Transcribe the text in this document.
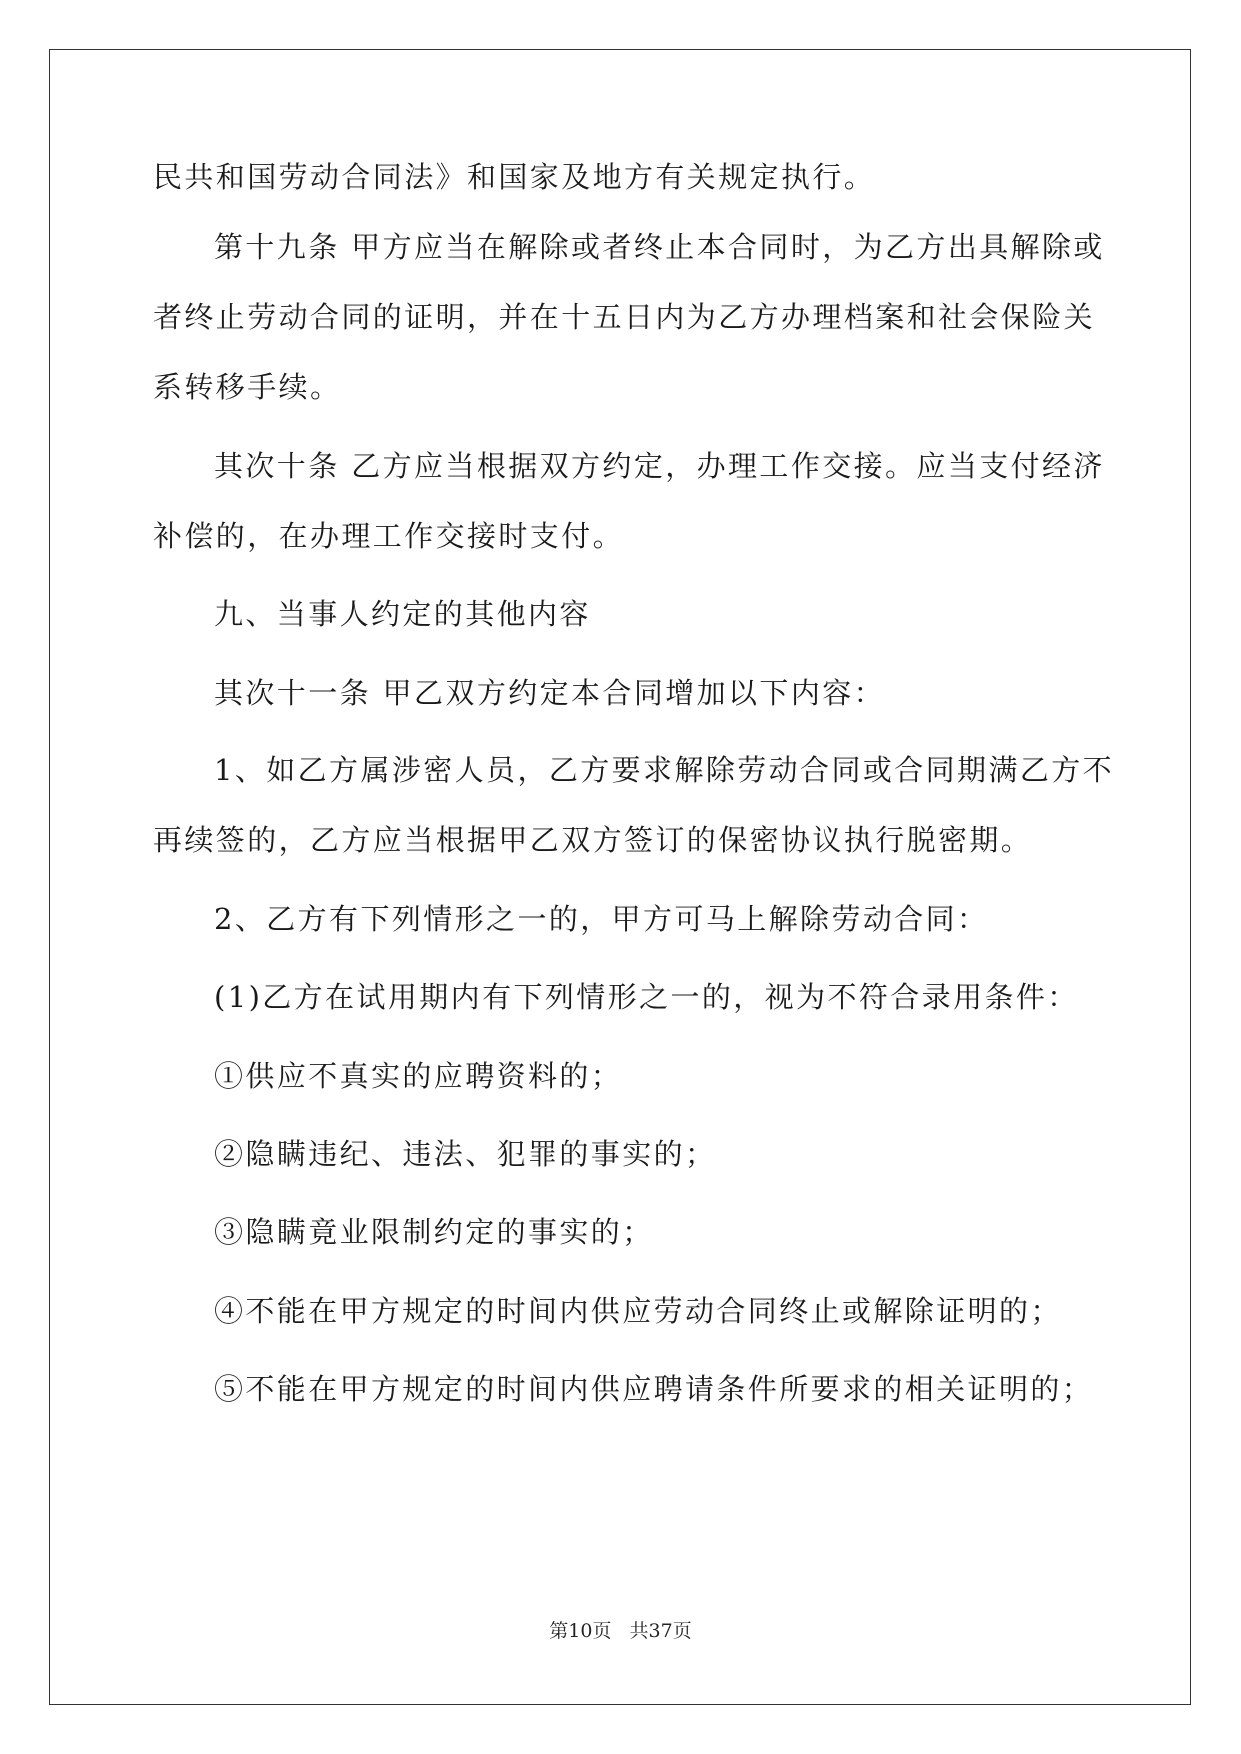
民共和国劳动合同法》和国家及地方有关规定执行。
第十九条 甲方应当在解除或者终止本合同时，为乙方出具解除或
者终止劳动合同的证明，并在十五日内为乙方办理档案和社会保险关
系转移手续。
其次十条 乙方应当根据双方约定，办理工作交接。应当支付经济
补偿的，在办理工作交接时支付。
九、当事人约定的其他内容
其次十一条 甲乙双方约定本合同增加以下内容：
1、如乙方属涉密人员，乙方要求解除劳动合同或合同期满乙方不
再续签的，乙方应当根据甲乙双方签订的保密协议执行脱密期。
2、乙方有下列情形之一的，甲方可马上解除劳动合同：
(1)乙方在试用期内有下列情形之一的，视为不符合录用条件：
①供应不真实的应聘资料的；
②隐瞒违纪、违法、犯罪的事实的；
③隐瞒竟业限制约定的事实的；
④不能在甲方规定的时间内供应劳动合同终止或解除证明的；
⑤不能在甲方规定的时间内供应聘请条件所要求的相关证明的；
第10页 共37页
